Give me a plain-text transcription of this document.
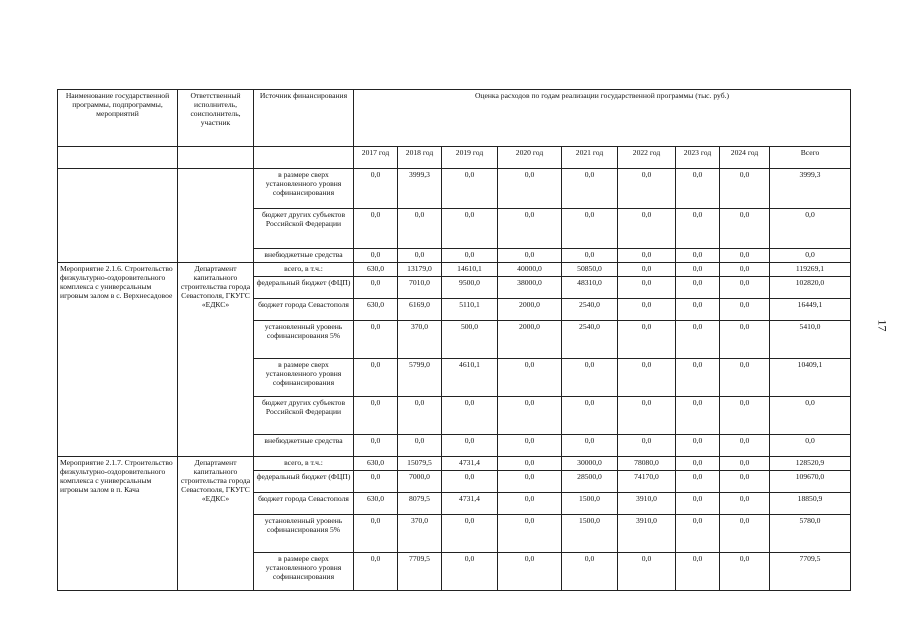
Наименование государственной программы, подпрограммы, мероприятий	Ответственный исполнитель, соисполнитель, участник	Источник финансирования	Оценка расходов по годам реализации государственной программы (тыс. руб.)								
			2017 год	2018 год	2019 год	2020 год	2021 год	2022 год	2023 год	2024 год	Всего
		в размере сверх установленного уровня софинансирования	0,0	3999,3	0,0	0,0	0,0	0,0	0,0	0,0	3999,3
		бюджет других субъектов Российской Федерации	0,0	0,0	0,0	0,0	0,0	0,0	0,0	0,0	0,0
		внебюджетные средства	0,0	0,0	0,0	0,0	0,0	0,0	0,0	0,0	0,0
Мероприятие 2.1.6. Строительство физкультурно-оздоровительного комплекса с универсальным игровым залом в с. Верхнесадовое	Департамент капитального строительства города Севастополя, ГКУГС «ЕДКС»	всего, в т.ч.:	630,0	13179,0	14610,1	40000,0	50850,0	0,0	0,0	0,0	119269,1
		федеральный бюджет (ФЦП)	0,0	7010,0	9500,0	38000,0	48310,0	0,0	0,0	0,0	102820,0
		бюджет города Севастополя	630,0	6169,0	5110,1	2000,0	2540,0	0,0	0,0	0,0	16449,1
		установленный уровень софинансирования 5%	0,0	370,0	500,0	2000,0	2540,0	0,0	0,0	0,0	5410,0
		в размере сверх установленного уровня софинансирования	0,0	5799,0	4610,1	0,0	0,0	0,0	0,0	0,0	10409,1
		бюджет других субъектов Российской Федерации	0,0	0,0	0,0	0,0	0,0	0,0	0,0	0,0	0,0
		внебюджетные средства	0,0	0,0	0,0	0,0	0,0	0,0	0,0	0,0	0,0
Мероприятие 2.1.7. Строительство физкультурно-оздоровительного комплекса с универсальным игровым залом в п. Кача	Департамент капитального строительства города Севастополя, ГКУГС «ЕДКС»	всего, в т.ч.:	630,0	15079,5	4731,4	0,0	30000,0	78080,0	0,0	0,0	128520,9
		федеральный бюджет (ФЦП)	0,0	7000,0	0,0	0,0	28500,0	74170,0	0,0	0,0	109670,0
		бюджет города Севастополя	630,0	8079,5	4731,4	0,0	1500,0	3910,0	0,0	0,0	18850,9
		установленный уровень софинансирования 5%	0,0	370,0	0,0	0,0	1500,0	3910,0	0,0	0,0	5780,0
		в размере сверх установленного уровня софинансирования	0,0	7709,5	0,0	0,0	0,0	0,0	0,0	0,0	7709,5
17
